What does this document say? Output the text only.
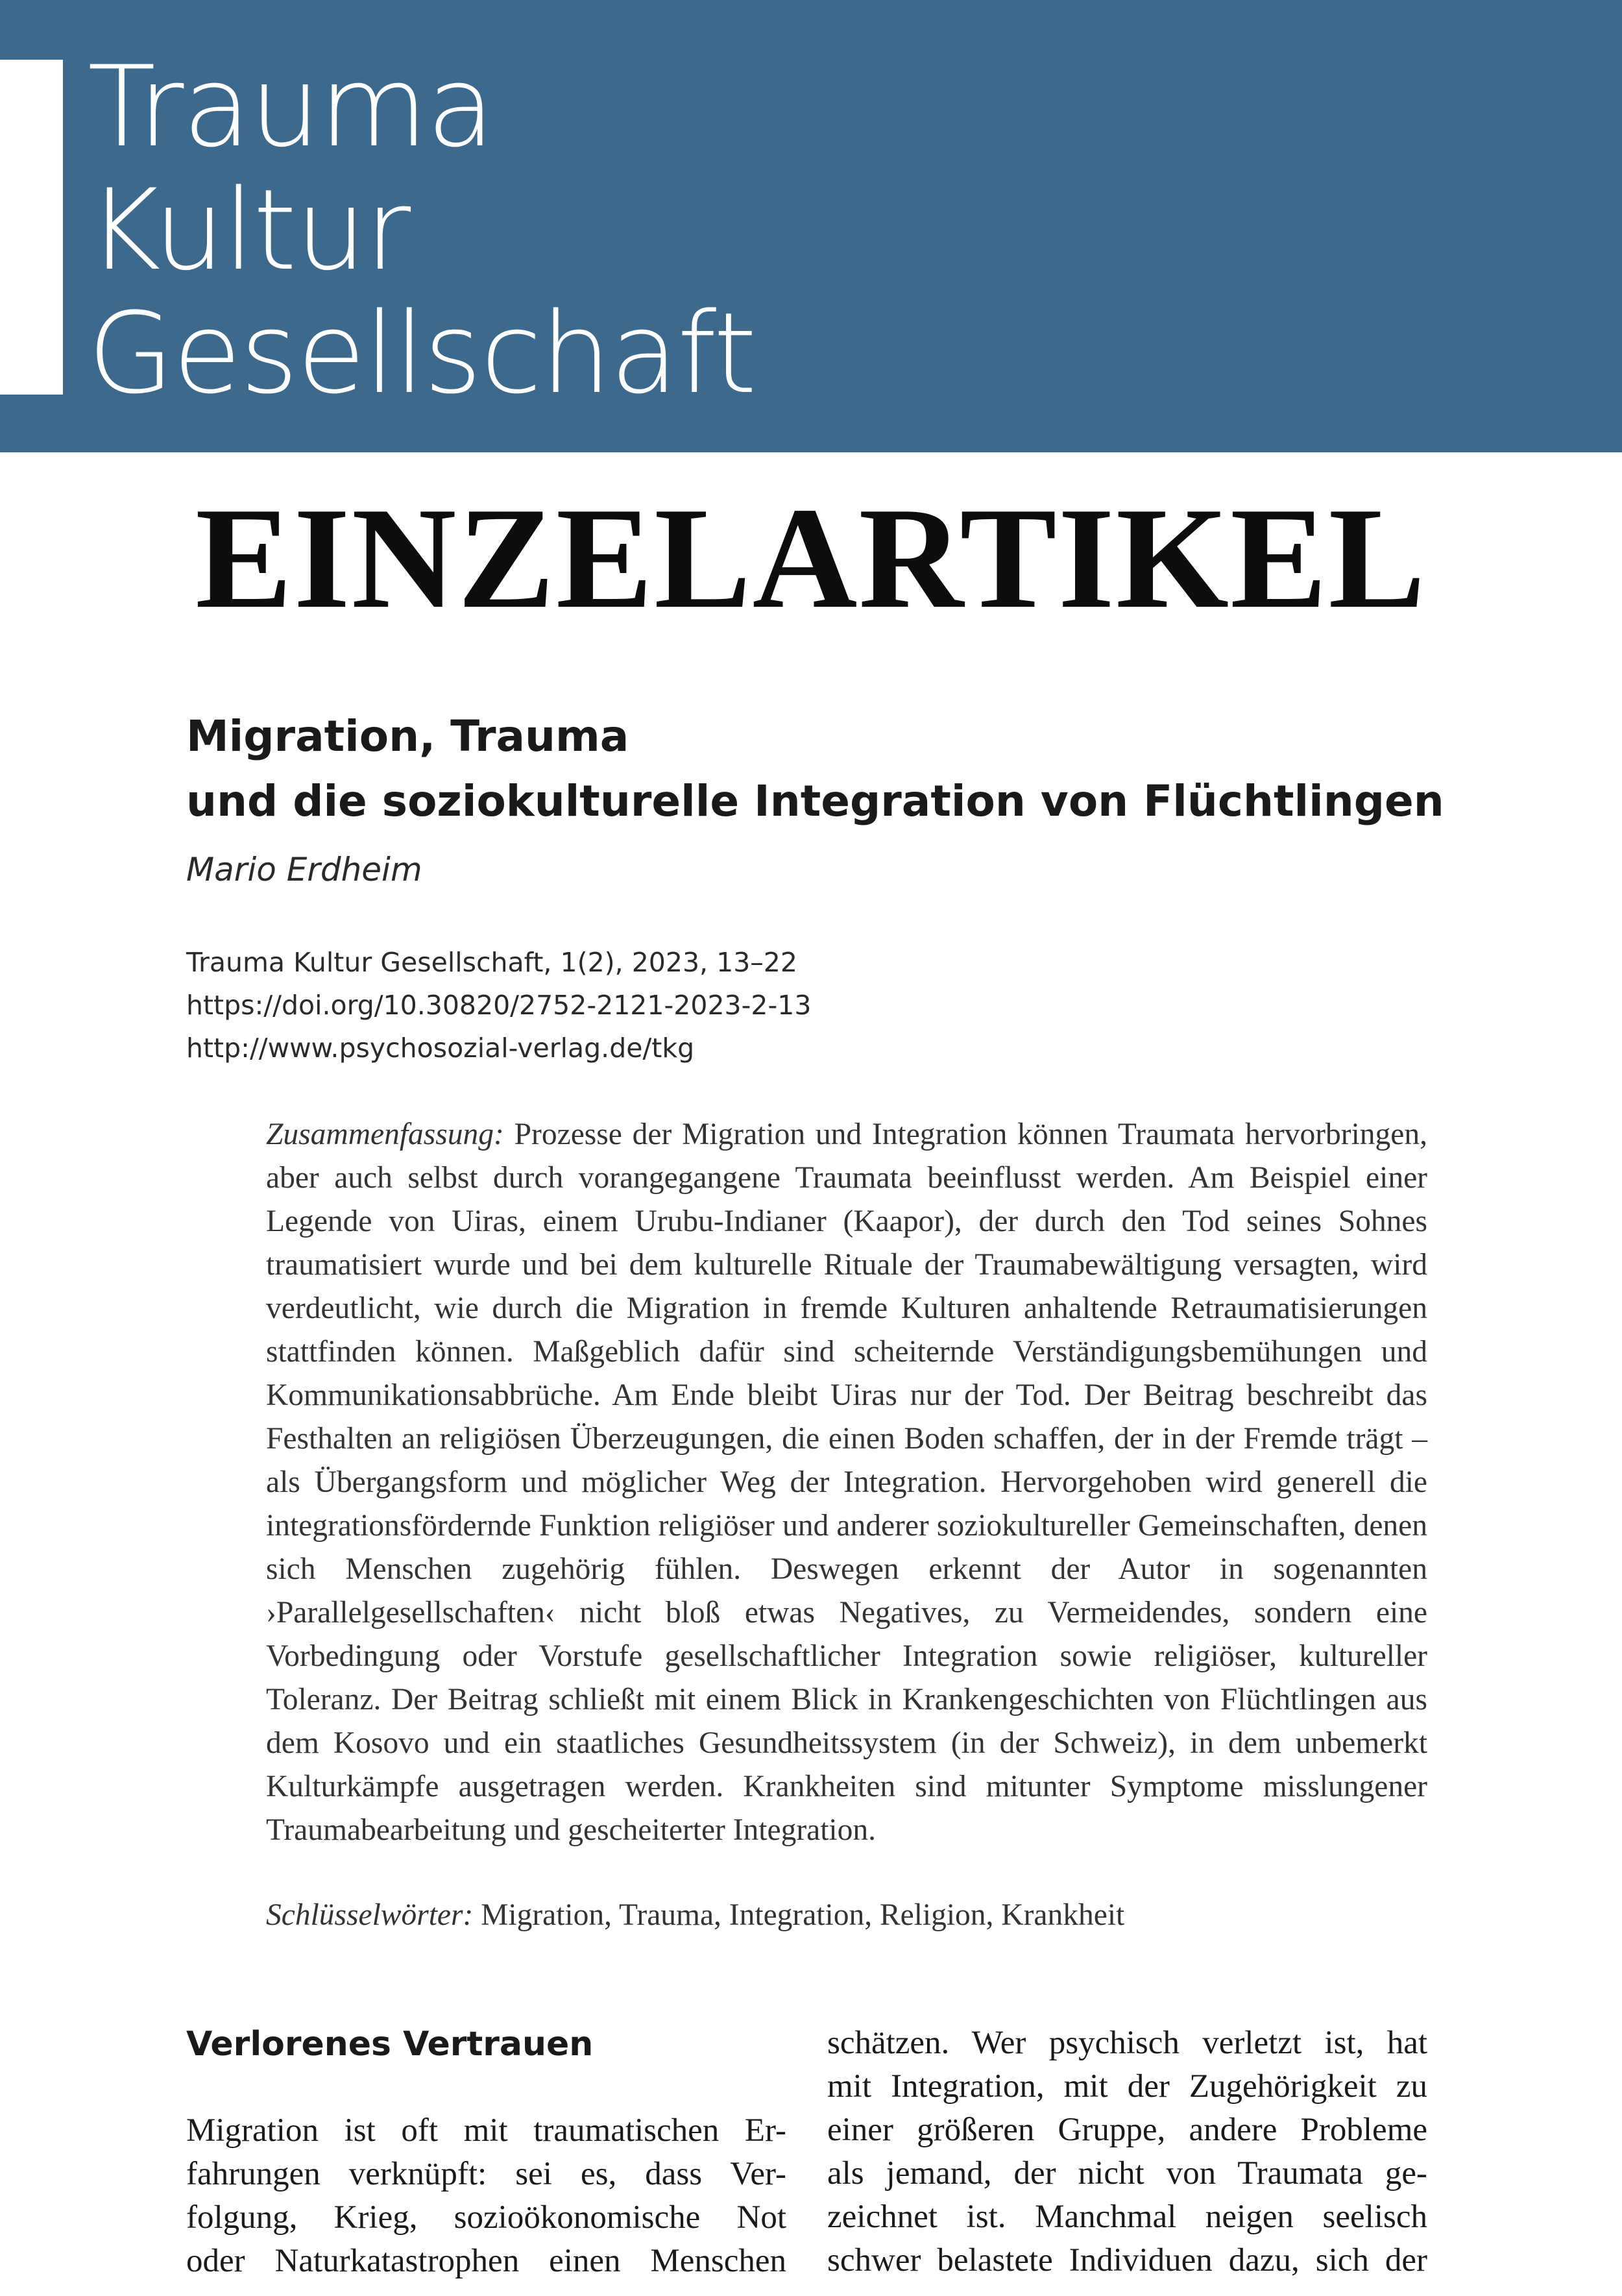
Trauma
Kultur
Gesellschaft
EINZELARTIKEL
Migration, Trauma
und die soziokulturelle Integration von Flüchtlingen
Mario Erdheim
Trauma Kultur Gesellschaft, 1(2), 2023, 13–22
https://doi.org/10.30820/2752-2121-2023-2-13
http://www.psychosozial-verlag.de/tkg
Zusammenfassung: Prozesse der Migration und Integration können Traumata hervorbringen, aber auch selbst durch vorangegangene Traumata beeinflusst werden. Am Beispiel einer Legende von Uiras, einem Urubu-Indianer (Kaapor), der durch den Tod seines Sohnes traumatisiert wurde und bei dem kulturelle Rituale der Traumabewältigung versagten, wird verdeutlicht, wie durch die Migration in fremde Kulturen anhaltende Retraumatisierungen stattfinden können. Maßgeblich dafür sind scheiternde Verständigungsbemühungen und Kommunikationsabbrüche. Am Ende bleibt Uiras nur der Tod. Der Beitrag beschreibt das Festhalten an religiösen Überzeugungen, die einen Boden schaffen, der in der Fremde trägt – als Übergangsform und möglicher Weg der Integration. Hervorgehoben wird generell die integrationsfördernde Funktion religiöser und anderer soziokultureller Gemeinschaften, denen sich Menschen zugehörig fühlen. Deswegen erkennt der Autor in sogenannten ›Parallelgesellschaften‹ nicht bloß etwas Negatives, zu Vermeidendes, sondern eine Vorbedingung oder Vorstufe gesellschaftlicher Integration sowie religiöser, kultureller Toleranz. Der Beitrag schließt mit einem Blick in Krankengeschichten von Flüchtlingen aus dem Kosovo und ein staatliches Gesundheitssystem (in der Schweiz), in dem unbemerkt Kulturkämpfe ausgetragen werden. Krankheiten sind mitunter Symptome misslungener Traumabearbeitung und gescheiterter Integration.
Schlüsselwörter: Migration, Trauma, Integration, Religion, Krankheit
Verlorenes Vertrauen
Migration ist oft mit traumatischen Er-
fahrungen verknüpft: sei es, dass Ver-
folgung, Krieg, sozioökonomische Not
oder Naturkatastrophen einen Menschen
schätzen. Wer psychisch verletzt ist, hat
mit Integration, mit der Zugehörigkeit zu
einer größeren Gruppe, andere Probleme
als jemand, der nicht von Traumata ge-
zeichnet ist. Manchmal neigen seelisch
schwer belastete Individuen dazu, sich der
